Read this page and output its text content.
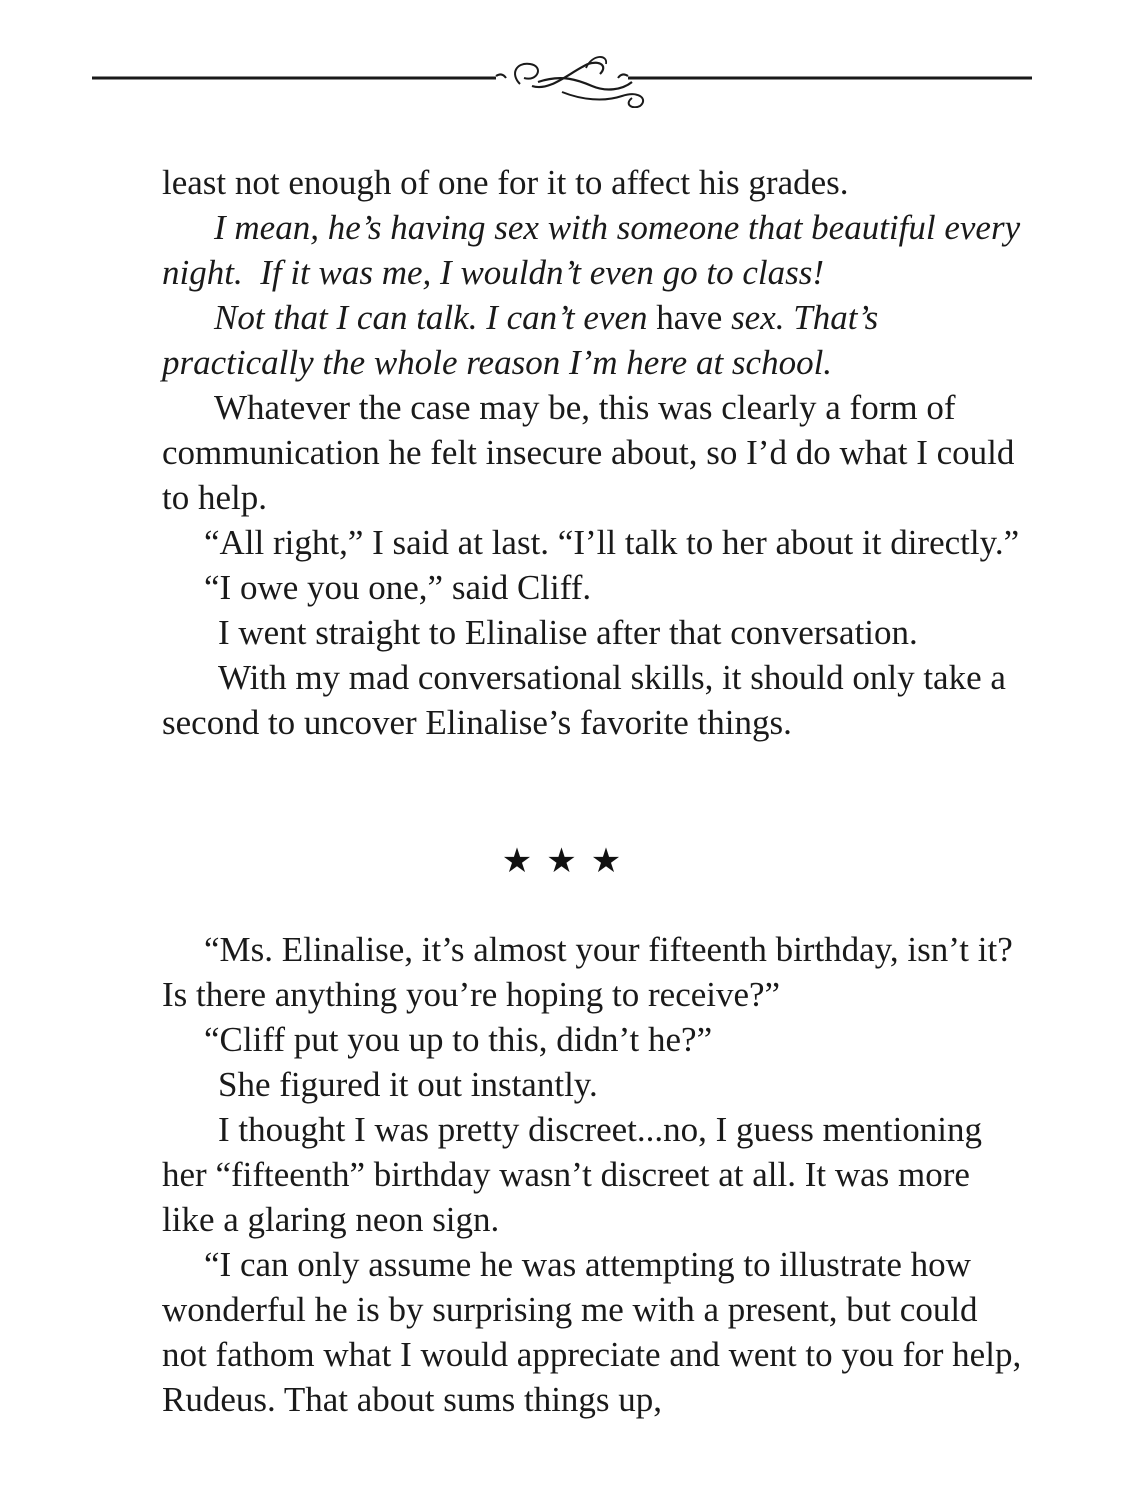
least not enough of one for it to affect his grades.

I mean, he’s having sex with someone that beautiful every night.  If it was me, I wouldn’t even go to class!

Not that I can talk. I can’t even have sex. That’s practically the whole reason I’m here at school.

Whatever the case may be, this was clearly a form of communication he felt insecure about, so I’d do what I could to help.

“All right,” I said at last. “I’ll talk to her about it directly.”

“I owe you one,” said Cliff.

I went straight to Elinalise after that conversation.

With my mad conversational skills, it should only take a second to uncover Elinalise’s favorite things.

★★★

“Ms. Elinalise, it’s almost your fifteenth birthday, isn’t it? Is there anything you’re hoping to receive?”

“Cliff put you up to this, didn’t he?”

She figured it out instantly.

I thought I was pretty discreet...no, I guess mentioning her “fifteenth” birthday wasn’t discreet at all. It was more like a glaring neon sign.

“I can only assume he was attempting to illustrate how wonderful he is by surprising me with a present, but could not fathom what I would appreciate and went to you for help, Rudeus. That about sums things up,
